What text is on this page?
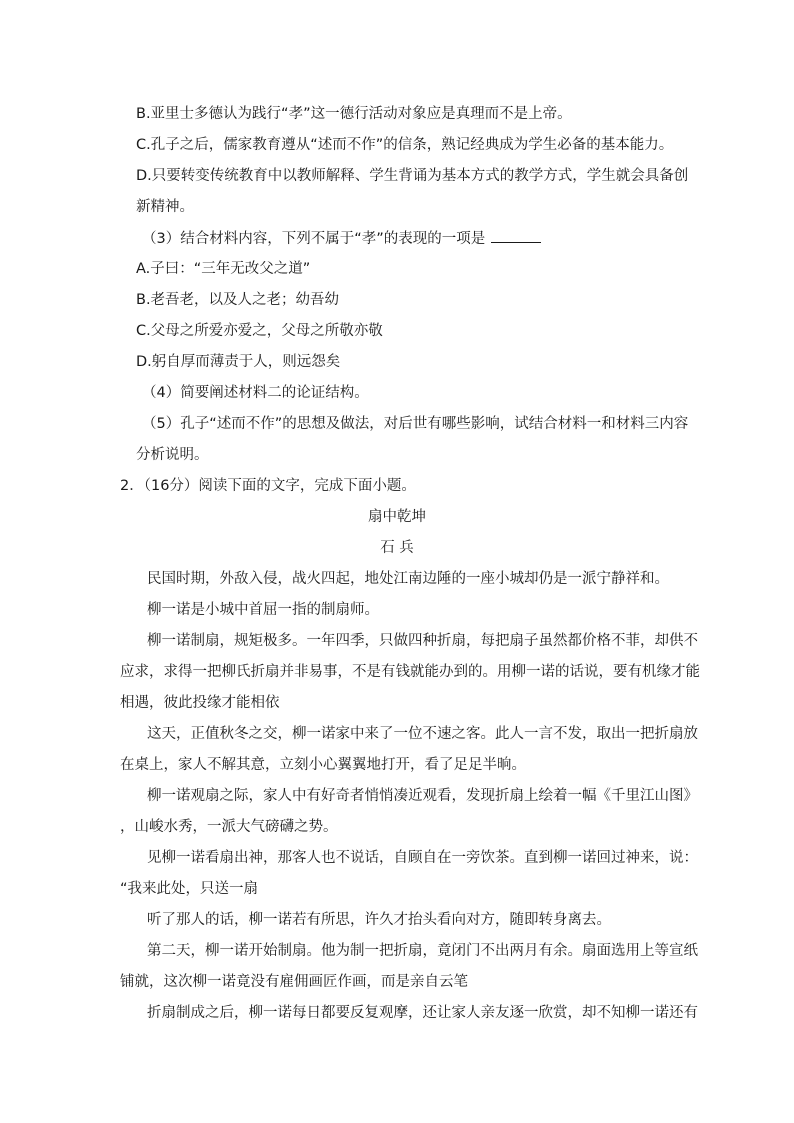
B.亚里士多德认为践行“孝”这一德行活动对象应是真理而不是上帝。
C.孔子之后，儒家教育遵从“述而不作”的信条，熟记经典成为学生必备的基本能力。
D.只要转变传统教育中以教师解释、学生背诵为基本方式的教学方式，学生就会具备创
新精神。
（3）结合材料内容，下列不属于“孝”的表现的一项是
A.子曰：“三年无改父之道”
B.老吾老，以及人之老；幼吾幼
C.父母之所爱亦爱之，父母之所敬亦敬
D.躬自厚而薄责于人，则远怨矣
（4）简要阐述材料二的论证结构。
（5）孔子“述而不作”的思想及做法，对后世有哪些影响，试结合材料一和材料三内容
分析说明。
2．（16分）阅读下面的文字，完成下面小题。
扇中乾坤
石 兵
民国时期，外敌入侵，战火四起，地处江南边陲的一座小城却仍是一派宁静祥和。
柳一诺是小城中首屈一指的制扇师。
柳一诺制扇，规矩极多。一年四季，只做四种折扇，每把扇子虽然都价格不菲，却供不
应求，求得一把柳氏折扇并非易事，不是有钱就能办到的。用柳一诺的话说，要有机缘才能
相遇，彼此投缘才能相依
这天，正值秋冬之交，柳一诺家中来了一位不速之客。此人一言不发，取出一把折扇放
在桌上，家人不解其意，立刻小心翼翼地打开，看了足足半晌。
柳一诺观扇之际，家人中有好奇者悄悄凑近观看，发现折扇上绘着一幅《千里江山图》
，山峻水秀，一派大气磅礴之势。
见柳一诺看扇出神，那客人也不说话，自顾自在一旁饮茶。直到柳一诺回过神来，说：
“我来此处，只送一扇
听了那人的话，柳一诺若有所思，许久才抬头看向对方，随即转身离去。
第二天，柳一诺开始制扇。他为制一把折扇，竟闭门不出两月有余。扇面选用上等宣纸
铺就，这次柳一诺竟没有雇佣画匠作画，而是亲自云笔
折扇制成之后，柳一诺每日都要反复观摩，还让家人亲友逐一欣赏，却不知柳一诺还有
